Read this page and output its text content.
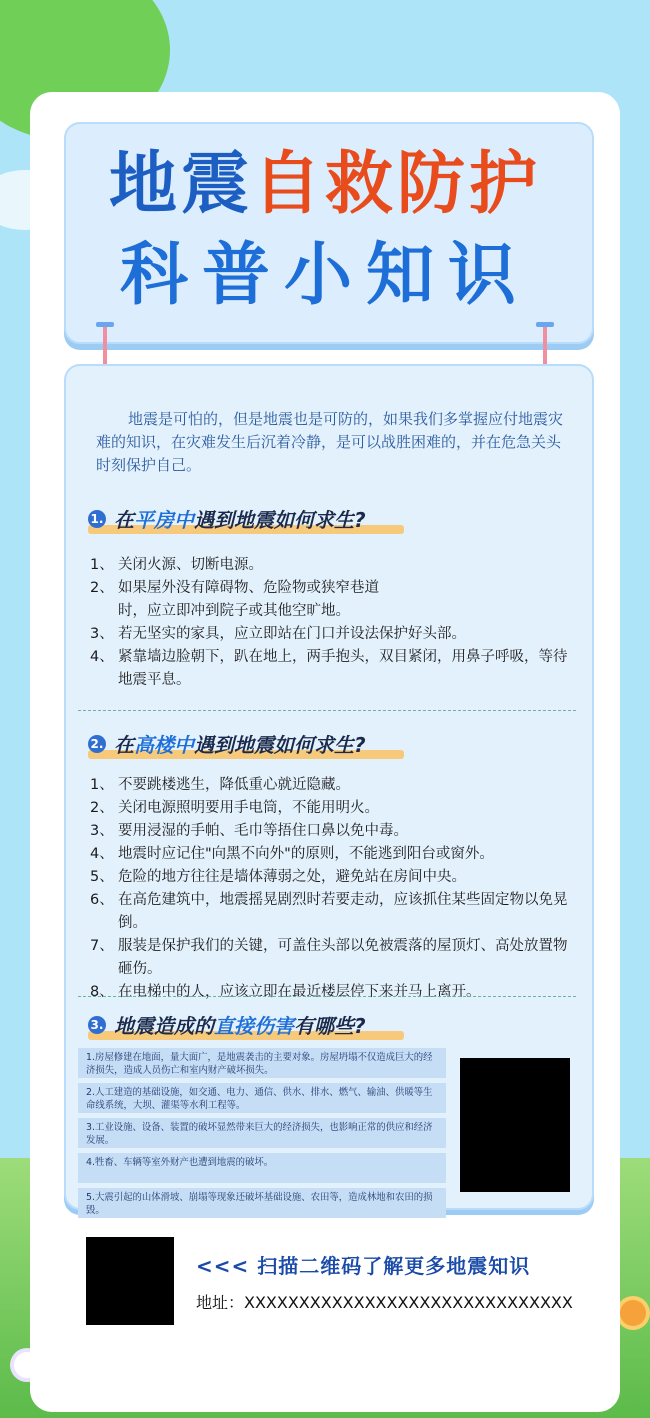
地震自救防护
科普小知识
地震是可怕的，但是地震也是可防的，如果我们多掌握应付地震灾难的知识，在灾难发生后沉着冷静，是可以战胜困难的，并在危急关头时刻保护自己。
1. 在 平房中 遇到地震如何求生?
1、 关闭火源、切断电源。
2、 如果屋外没有障碍物、危险物或狭窄巷道时，应立即冲到院子或其他空旷地。
3、 若无坚实的家具，应立即站在门口并设法保护好头部。
4、 紧靠墙边脸朝下，趴在地上，两手抱头，双目紧闭，用鼻子呼吸，等待地震平息。
2. 在 高楼中 遇到地震如何求生?
1、 不要跳楼逃生，降低重心就近隐藏。
2、 关闭电源照明要用手电筒，不能用明火。
3、 要用浸湿的手帕、毛巾等捂住口鼻以免中毒。
4、 地震时应记住"向黑不向外"的原则，不能逃到阳台或窗外。
5、 危险的地方往往是墙体薄弱之处，避免站在房间中央。
6、 在高危建筑中，地震摇晃剧烈时若要走动，应该抓住某些固定物以免晃倒。
7、 服装是保护我们的关键，可盖住头部以免被震落的屋顶灯、高处放置物砸伤。
8、 在电梯中的人，应该立即在最近楼层停下来并马上离开。
3. 地震造成的 直接伤害 有哪些?
1.房屋修建在地面，量大面广，是地震袭击的主要对象。房屋坍塌不仅造成巨大的经济损失，造成人员伤亡和室内财产破坏损失。
2.人工建造的基础设施，如交通、电力、通信、供水、排水、燃气、输油、供暖等生命线系统，大坝、灌渠等水利工程等。
3.工业设施、设备、装置的破坏显然带来巨大的经济损失，也影响正常的供应和经济发展。
4.牲畜、车辆等室外财产也遭到地震的破坏。
5.大震引起的山体滑坡、崩塌等现象还破坏基础设施、农田等，造成林地和农田的损毁。
<<< 扫描二维码了解更多地震知识
地址：XXXXXXXXXXXXXXXXXXXXXXXXXXXXXX
